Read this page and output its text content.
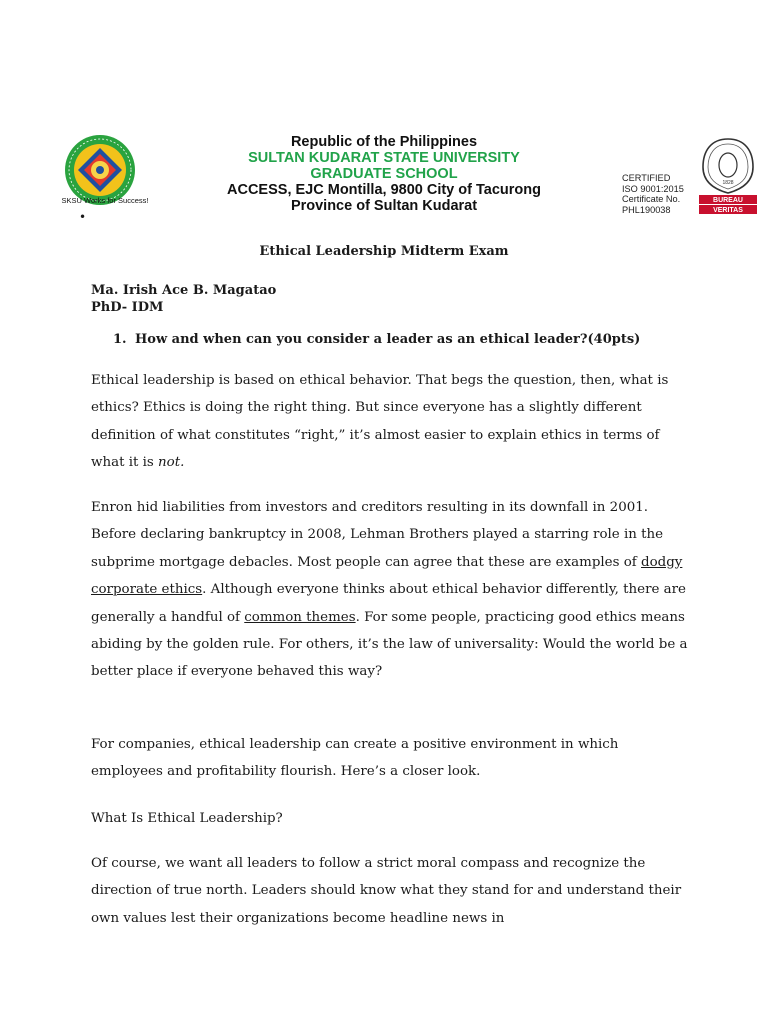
SKSU Works for Success!
•
Republic of the Philippines
SULTAN KUDARAT STATE UNIVERSITY
GRADUATE SCHOOL
ACCESS, EJC Montilla, 9800 City of Tacurong
Province of Sultan Kudarat
CERTIFIED
ISO 9001:2015
Certificate No.
PHL190038
1828
BUREAU
VERITAS
Ethical Leadership Midterm Exam
Ma. Irish Ace B. Magatao
PhD- IDM
1. How and when can you consider a leader as an ethical leader?(40pts)

Ethical leadership is based on ethical behavior. That begs the question, then, what is ethics? Ethics is doing the right thing. But since everyone has a slightly different definition of what constitutes “right,” it’s almost easier to explain ethics in terms of what it is not.

Enron hid liabilities from investors and creditors resulting in its downfall in 2001. Before declaring bankruptcy in 2008, Lehman Brothers played a starring role in the subprime mortgage debacles. Most people can agree that these are examples of dodgy corporate ethics. Although everyone thinks about ethical behavior differently, there are generally a handful of common themes. For some people, practicing good ethics means abiding by the golden rule. For others, it’s the law of universality: Would the world be a better place if everyone behaved this way?

For companies, ethical leadership can create a positive environment in which employees and profitability flourish. Here’s a closer look.

What Is Ethical Leadership?

Of course, we want all leaders to follow a strict moral compass and recognize the direction of true north. Leaders should know what they stand for and understand their own values lest their organizations become headline news in
